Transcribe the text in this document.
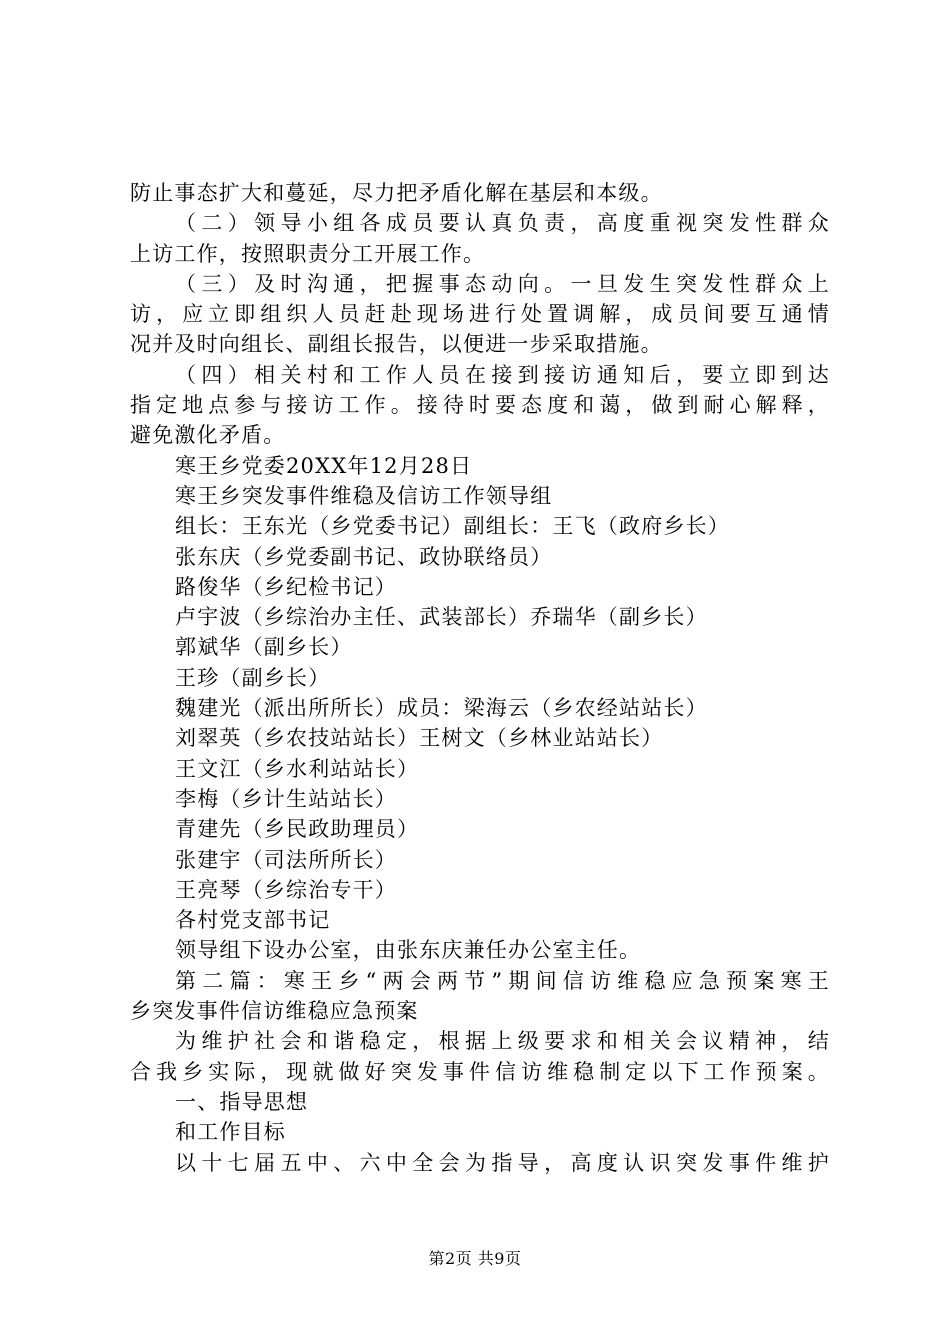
防止事态扩大和蔓延，尽力把矛盾化解在基层和本级。
（二）领导小组各成员要认真负责，高度重视突发性群众
上访工作，按照职责分工开展工作。
（三）及时沟通，把握事态动向。一旦发生突发性群众上
访，应立即组织人员赶赴现场进行处置调解，成员间要互通情
况并及时向组长、副组长报告，以便进一步采取措施。
（四）相关村和工作人员在接到接访通知后，要立即到达
指定地点参与接访工作。接待时要态度和蔼，做到耐心解释，
避免激化矛盾。
寒王乡党委20XX年12月28日
寒王乡突发事件维稳及信访工作领导组
组长：王东光（乡党委书记）副组长：王飞（政府乡长）
张东庆（乡党委副书记、政协联络员）
路俊华（乡纪检书记）
卢宇波（乡综治办主任、武装部长）乔瑞华（副乡长）
郭斌华（副乡长）
王珍（副乡长）
魏建光（派出所所长）成员：梁海云（乡农经站站长）
刘翠英（乡农技站站长）王树文（乡林业站站长）
王文江（乡水利站站长）
李梅（乡计生站站长）
青建先（乡民政助理员）
张建宇（司法所所长）
王亮琴（乡综治专干）
各村党支部书记
领导组下设办公室，由张东庆兼任办公室主任。
第二篇：寒王乡“两会两节”期间信访维稳应急预案寒王
乡突发事件信访维稳应急预案
为维护社会和谐稳定，根据上级要求和相关会议精神，结
合我乡实际，现就做好突发事件信访维稳制定以下工作预案。
一、指导思想
和工作目标
以十七届五中、六中全会为指导，高度认识突发事件维护
第2页 共9页
